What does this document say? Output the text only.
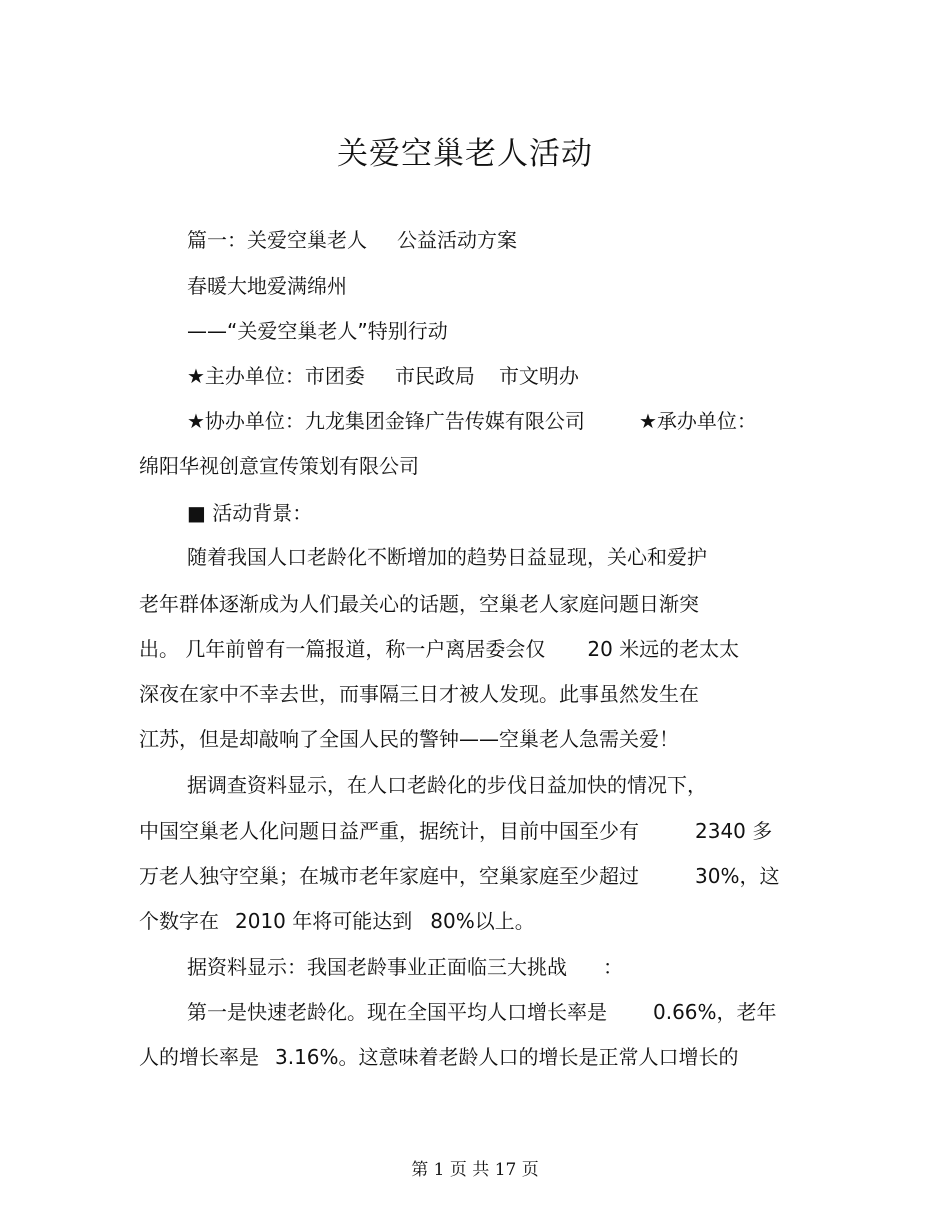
关爱空巢老人活动
篇一：关爱空巢老人 公益活动方案
春暖大地爱满绵州
——“关爱空巢老人”特别行动
★主办单位：市团委 市民政局 市文明办
★协办单位：九龙集团金锋广告传媒有限公司	★承办单位：
绵阳华视创意宣传策划有限公司
■ 活动背景：
随着我国人口老龄化不断增加的趋势日益显现，关心和爱护
老年群体逐渐成为人们最关心的话题，空巢老人家庭问题日渐突
出。 几年前曾有一篇报道，称一户离居委会仅 20 米远的老太太
深夜在家中不幸去世，而事隔三日才被人发现。此事虽然发生在
江苏，但是却敲响了全国人民的警钟——空巢老人急需关爱！
据调查资料显示，在人口老龄化的步伐日益加快的情况下，
中国空巢老人化问题日益严重，据统计，目前中国至少有	2340 多
万老人独守空巢；在城市老年家庭中，空巢家庭至少超过	30%，这
个数字在 2010 年将可能达到 80%以上。
据资料显示：我国老龄事业正面临三大挑战 ：
第一是快速老龄化。现在全国平均人口增长率是 0.66%，老年
人的增长率是 3.16%。这意味着老龄人口的增长是正常人口增长的
第 1 页 共 17 页
